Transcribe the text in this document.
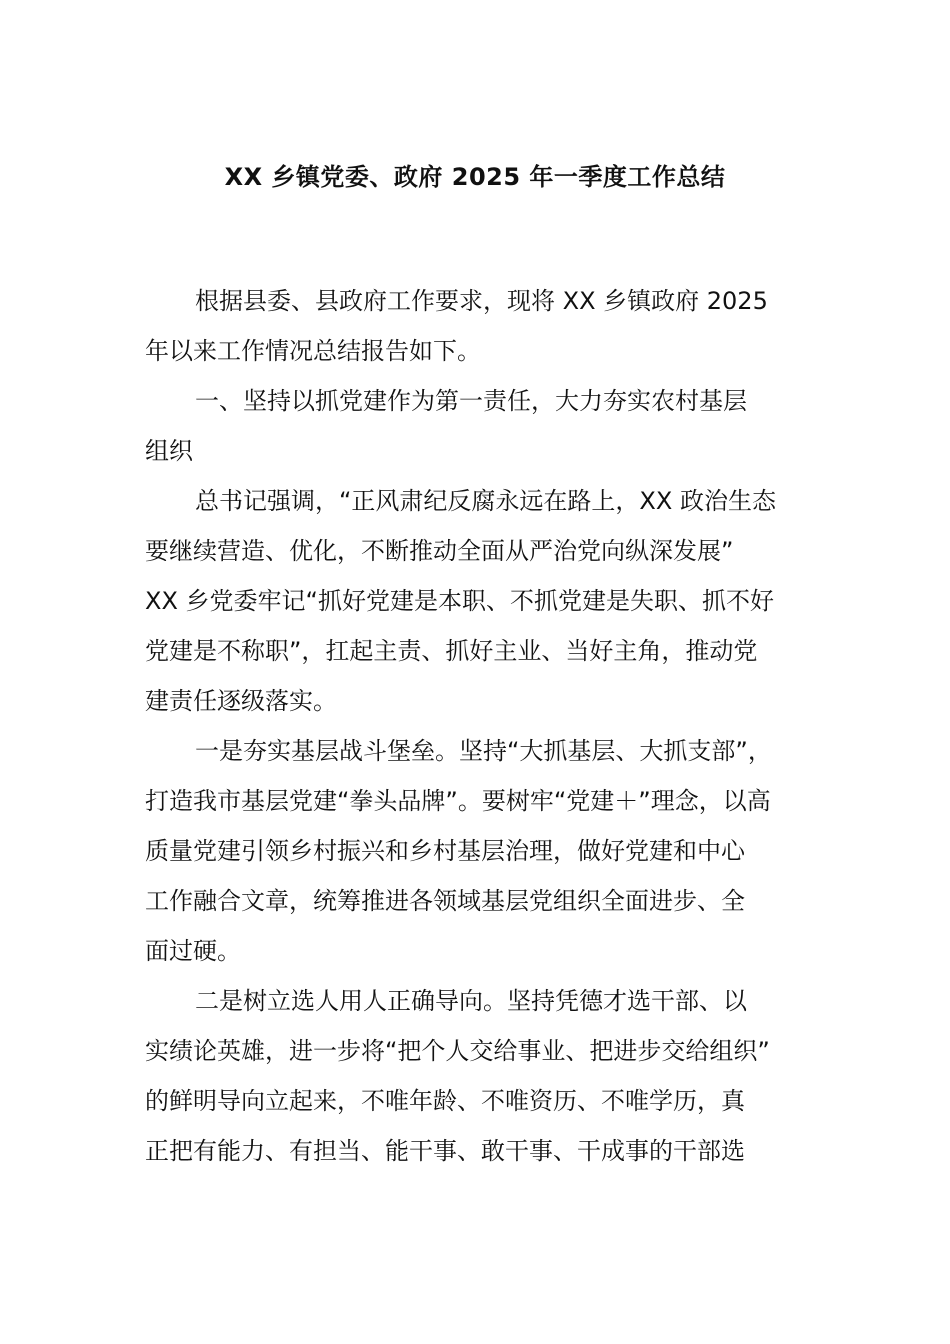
XX 乡镇党委、政府 2025 年一季度工作总结

根据县委、县政府工作要求，现将 XX 乡镇政府 2025

年以来工作情况总结报告如下。

一、坚持以抓党建作为第一责任，大力夯实农村基层

组织

总书记强调，“正风肃纪反腐永远在路上，XX 政治生态

要继续营造、优化，不断推动全面从严治党向纵深发展”

XX 乡党委牢记“抓好党建是本职、不抓党建是失职、抓不好

党建是不称职”，扛起主责、抓好主业、当好主角，推动党

建责任逐级落实。

一是夯实基层战斗堡垒。坚持“大抓基层、大抓支部”，

打造我市基层党建“拳头品牌”。要树牢“党建＋”理念，以高

质量党建引领乡村振兴和乡村基层治理，做好党建和中心

工作融合文章，统筹推进各领域基层党组织全面进步、全

面过硬。

二是树立选人用人正确导向。坚持凭德才选干部、以

实绩论英雄，进一步将“把个人交给事业、把进步交给组织”

的鲜明导向立起来，不唯年龄、不唯资历、不唯学历，真

正把有能力、有担当、能干事、敢干事、干成事的干部选
